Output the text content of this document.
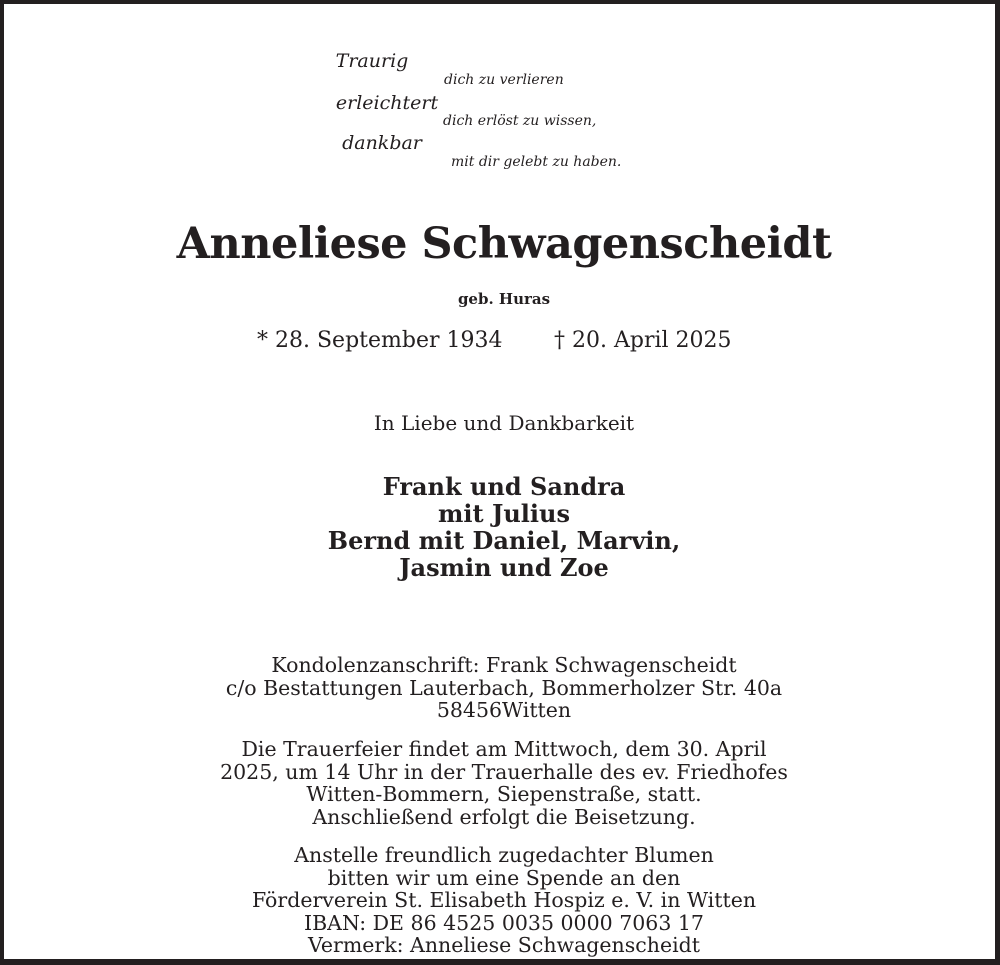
Traurig
erleichtert
dankbar
dich zu verlieren
dich erlöst zu wissen,
mit dir gelebt zu haben.
Anneliese Schwagenscheidt
geb. Huras
* 28. September 1934 † 20. April 2025
In Liebe und Dankbarkeit
Frank und Sandra
mit Julius
Bernd mit Daniel, Marvin,
Jasmin und Zoe
Kondolenzanschrift: Frank Schwagenscheidt
c/o Bestattungen Lauterbach, Bommerholzer Str. 40a
58456Witten
Die Trauerfeier findet am Mittwoch, dem 30. April
2025, um 14 Uhr in der Trauerhalle des ev. Friedhofes
Witten-Bommern, Siepenstraße, statt.
Anschließend erfolgt die Beisetzung.
Anstelle freundlich zugedachter Blumen
bitten wir um eine Spende an den
Förderverein St. Elisabeth Hospiz e. V. in Witten
IBAN: DE 86 4525 0035 0000 7063 17
Vermerk: Anneliese Schwagenscheidt
